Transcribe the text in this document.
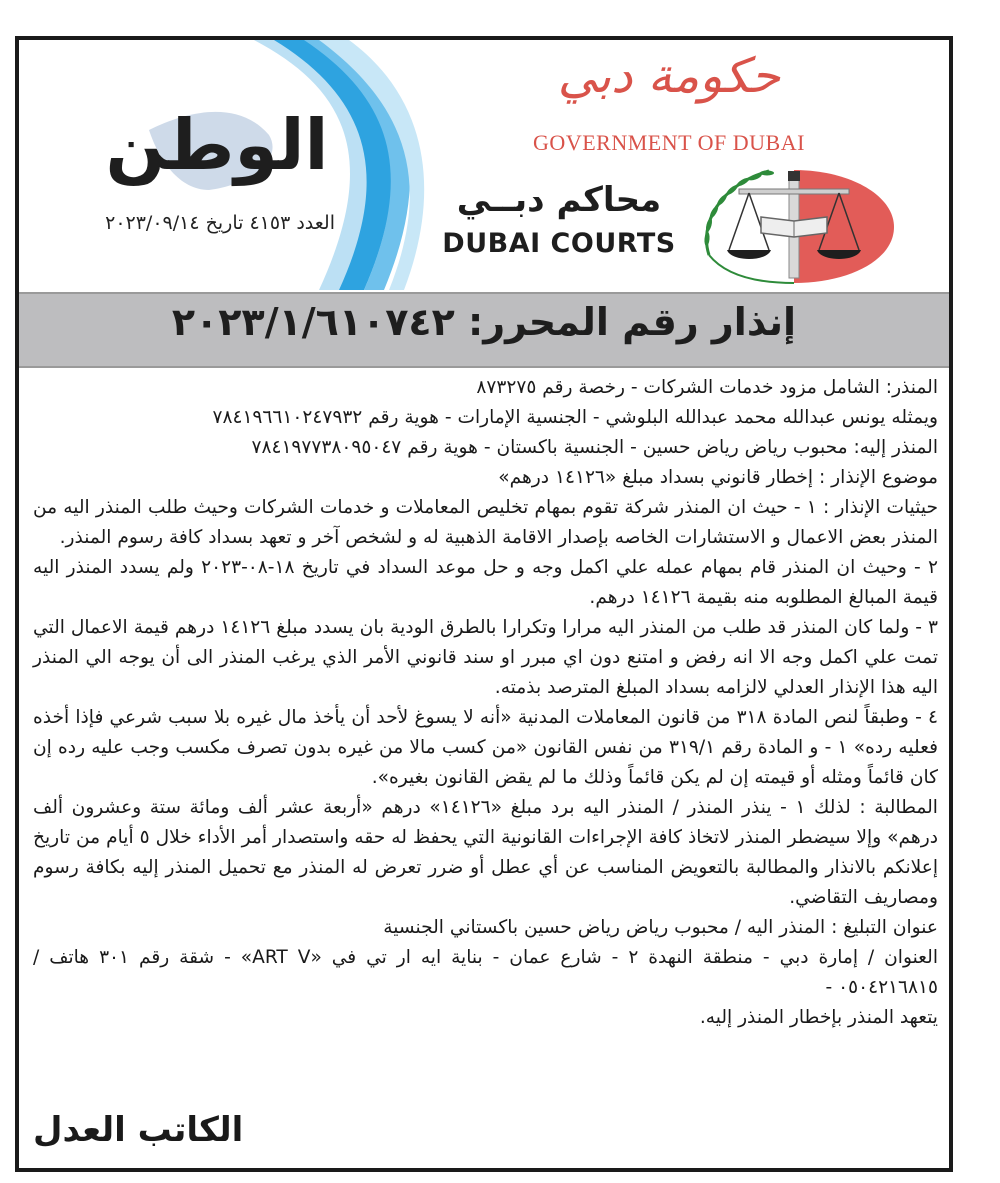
الوطن
العدد ٤١٥٣ تاريخ ٢٠٢٣/٠٩/١٤
حكومة دبي
GOVERNMENT OF DUBAI
محاكم دبــي
DUBAI COURTS
إنذار رقم المحرر: ٢٠٢٣/١/٦١٠٧٤٢

المنذر: الشامل مزود خدمات الشركات - رخصة رقم ٨٧٣٢٧٥

ويمثله يونس عبدالله محمد عبدالله البلوشي - الجنسية الإمارات - هوية رقم ٧٨٤١٩٦٦١٠٢٤٧٩٣٢

المنذر إليه: محبوب رياض رياض حسين - الجنسية باكستان - هوية رقم ٧٨٤١٩٧٧٣٨٠٩٥٠٤٧

موضوع الإنذار : إخطار قانوني بسداد مبلغ «١٤١٢٦ درهم»

حيثيات الإنذار : ١ - حيث ان المنذر شركة تقوم بمهام تخليص المعاملات و خدمات الشركات وحيث طلب المنذر اليه من المنذر بعض الاعمال و الاستشارات الخاصه بإصدار الاقامة الذهبية له و لشخص آخر و تعهد بسداد كافة رسوم المنذر.

٢ - وحيث ان المنذر قام بمهام عمله علي اكمل وجه و حل موعد السداد في تاريخ ١٨-٠٨-٢٠٢٣ ولم يسدد المنذر اليه قيمة المبالغ المطلوبه منه بقيمة ١٤١٢٦ درهم.

٣ - ولما كان المنذر قد طلب من المنذر اليه مرارا وتكرارا بالطرق الودية بان يسدد مبلغ ١٤١٢٦ درهم قيمة الاعمال التي تمت علي اكمل وجه الا انه رفض و امتنع دون اي مبرر او سند قانوني الأمر الذي يرغب المنذر الى أن يوجه الي المنذر اليه هذا الإنذار العدلي لالزامه بسداد المبلغ المترصد بذمته.

٤ - وطبقاً لنص المادة ٣١٨ من قانون المعاملات المدنية «أنه لا يسوغ لأحد أن يأخذ مال غيره بلا سبب شرعي فإذا أخذه فعليه رده» ١ - و المادة رقم ٣١٩/١ من نفس القانون «من كسب مالا من غيره بدون تصرف مكسب وجب عليه رده إن كان قائماً ومثله أو قيمته إن لم يكن قائماً وذلك ما لم يقض القانون بغيره».

المطالبة : لذلك ١ - ينذر المنذر / المنذر اليه برد مبلغ «١٤١٢٦» درهم «أربعة عشر ألف ومائة ستة وعشرون ألف درهم» وإلا سيضطر المنذر لاتخاذ كافة الإجراءات القانونية التي يحفظ له حقه واستصدار أمر الأداء خلال ٥ أيام من تاريخ إعلانكم بالانذار والمطالبة بالتعويض المناسب عن أي عطل أو ضرر تعرض له المنذر مع تحميل المنذر إليه بكافة رسوم ومصاريف التقاضي.

عنوان التبليغ : المنذر اليه / محبوب رياض رياض حسين باكستاني الجنسية

العنوان / إمارة دبي - منطقة النهدة ٢ - شارع عمان - بناية ايه ار تي في «ART V» - شقة رقم ٣٠١ هاتف / ٠٥٠٤٢١٦٨١٥ -

يتعهد المنذر بإخطار المنذر إليه.

الكاتب العدل
